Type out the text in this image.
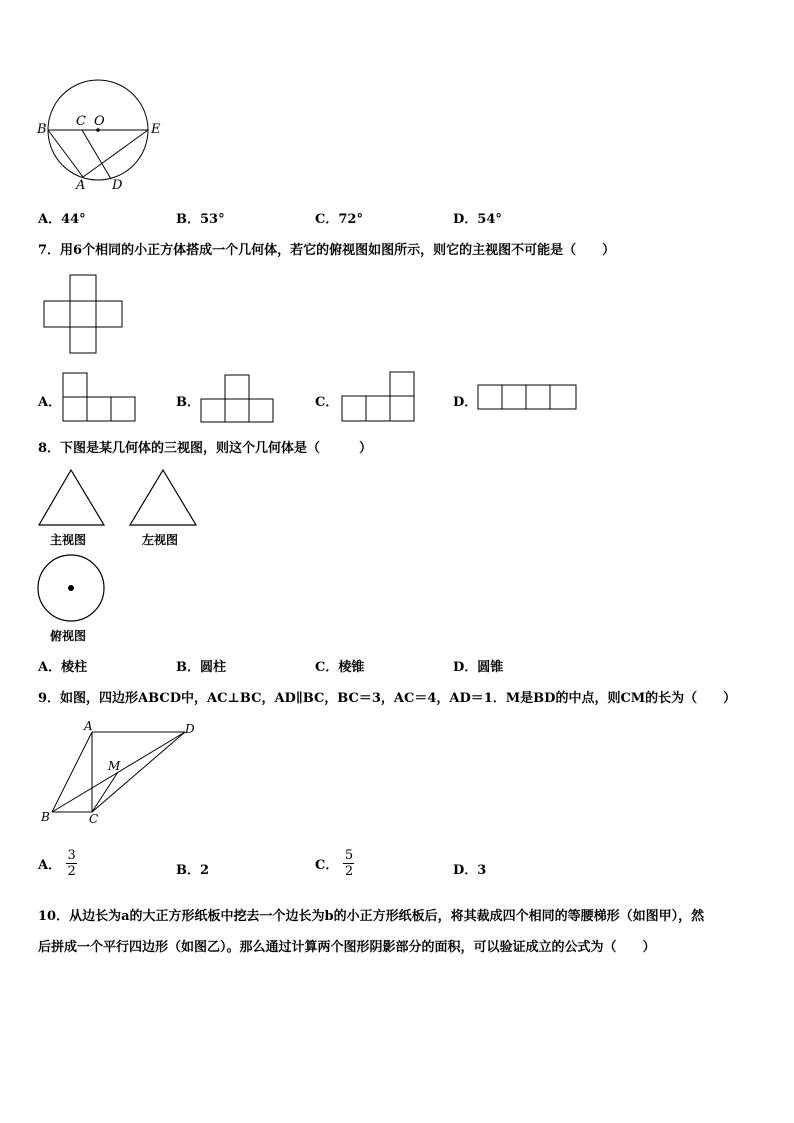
B
C O
E
A D
A．44°	B．53°	C．72°	D．54°
7．用6个相同的小正方体搭成一个几何体，若它的俯视图如图所示，则它的主视图不可能是（　　）
A．	B．	C．	D．
8．下图是某几何体的三视图，则这个几何体是（　　　）
主视图	左视图
俯视图
A．棱柱	B．圆柱	C．棱锥	D．圆锥
9．如图，四边形ABCD中，AC⊥BC，AD∥BC，BC＝3，AC＝4，AD＝1．M是BD的中点，则CM的长为（　　）
A	D
M
B	C
A． $\frac{3}{2}$	B．2	C． $\frac{5}{2}$	D．3
10．从边长为a的大正方形纸板中挖去一个边长为b的小正方形纸板后，将其裁成四个相同的等腰梯形（如图甲），然
后拼成一个平行四边形（如图乙）。那么通过计算两个图形阴影部分的面积，可以验证成立的公式为（　　）
